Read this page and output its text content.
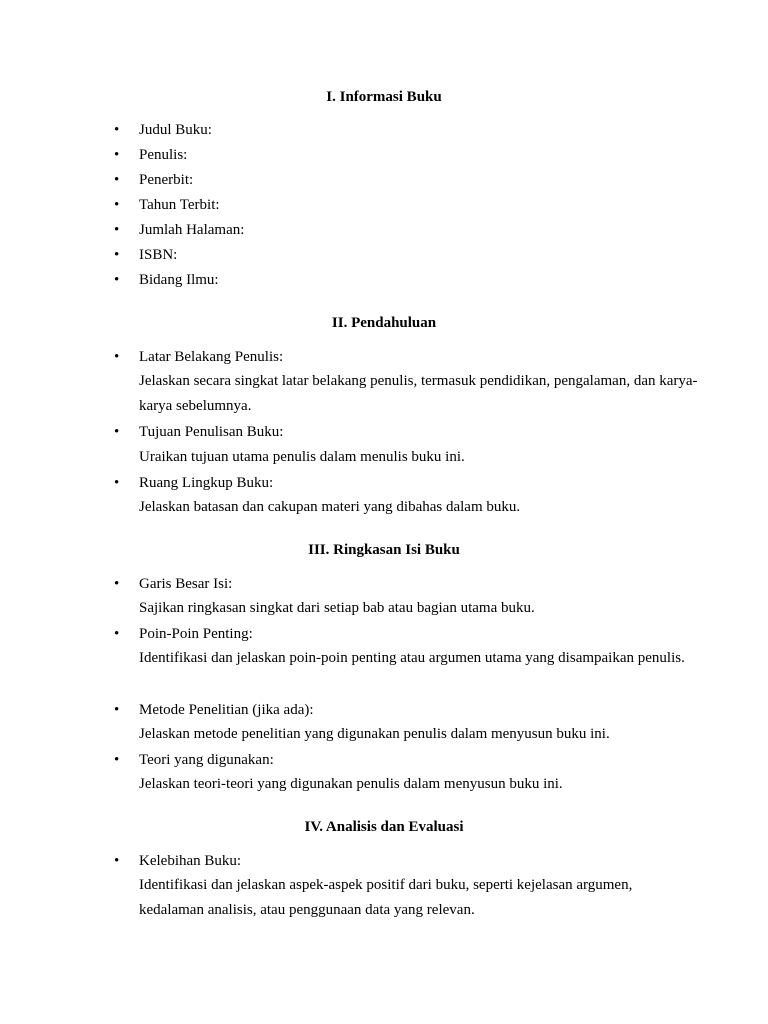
I. Informasi Buku
• Judul Buku:
• Penulis:
• Penerbit:
• Tahun Terbit:
• Jumlah Halaman:
• ISBN:
• Bidang Ilmu:
II. Pendahuluan
• Latar Belakang Penulis:
Jelaskan secara singkat latar belakang penulis, termasuk pendidikan, pengalaman, dan karya-karya sebelumnya.
• Tujuan Penulisan Buku:
Uraikan tujuan utama penulis dalam menulis buku ini.
• Ruang Lingkup Buku:
Jelaskan batasan dan cakupan materi yang dibahas dalam buku.
III. Ringkasan Isi Buku
• Garis Besar Isi:
Sajikan ringkasan singkat dari setiap bab atau bagian utama buku.
• Poin-Poin Penting:
Identifikasi dan jelaskan poin-poin penting atau argumen utama yang disampaikan penulis.
• Metode Penelitian (jika ada):
Jelaskan metode penelitian yang digunakan penulis dalam menyusun buku ini.
• Teori yang digunakan:
Jelaskan teori-teori yang digunakan penulis dalam menyusun buku ini.
IV. Analisis dan Evaluasi
• Kelebihan Buku:
Identifikasi dan jelaskan aspek-aspek positif dari buku, seperti kejelasan argumen, kedalaman analisis, atau penggunaan data yang relevan.
